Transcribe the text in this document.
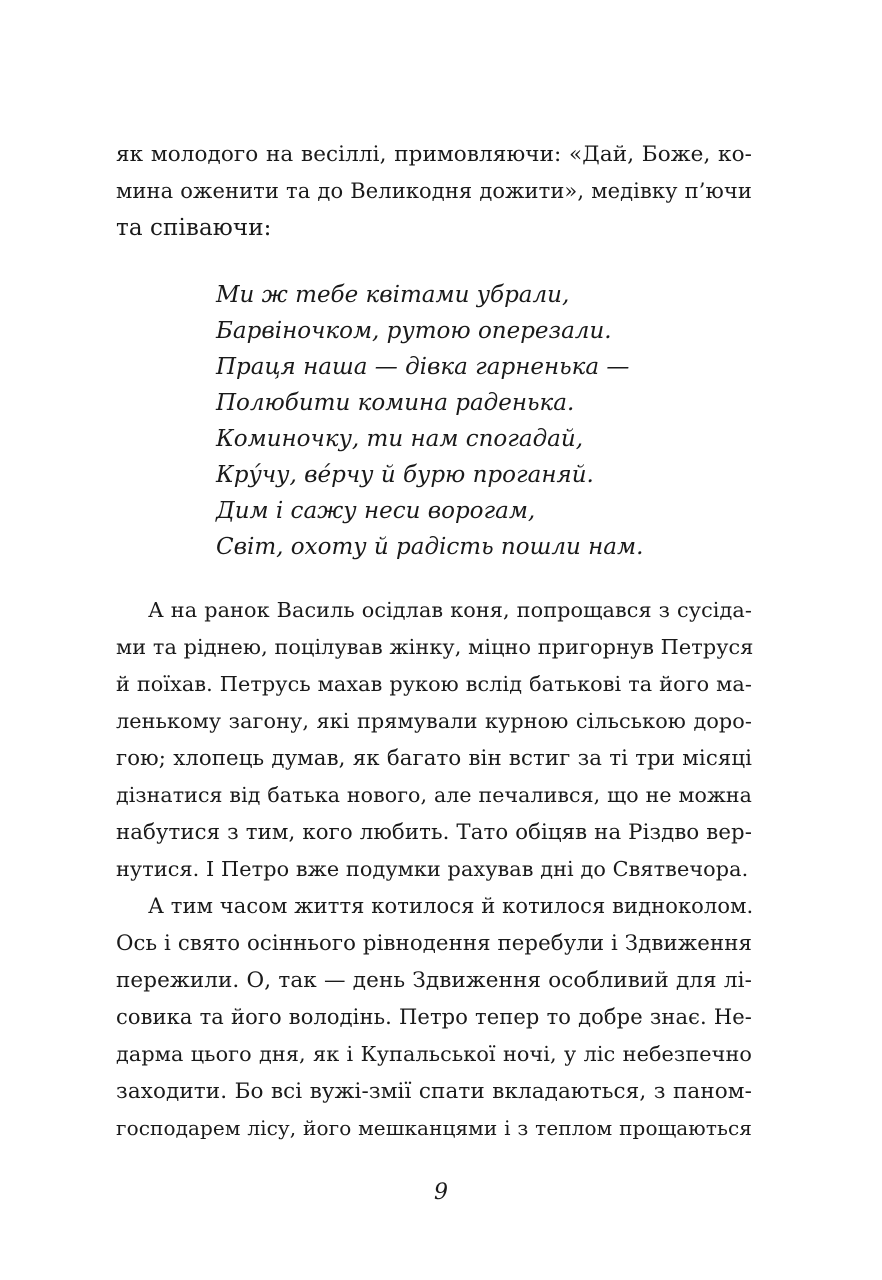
як молодого на весіллі, примовляючи: «Дай, Боже, ко-
мина оженити та до Великодня дожити», медівку п’ючи
та співаючи:
Ми ж тебе квітами убрали,
Барвіночком, рутою оперезали.
Праця наша — дівка гарненька —
Полюбити комина раденька.
Коминочку, ти нам спогадай,
Кру́чу, ве́рчу й бурю проганяй.
Дим і сажу неси ворогам,
Світ, охоту й радість пошли нам.
А на ранок Василь осідлав коня, попрощався з сусіда-
ми та ріднею, поцілував жінку, міцно пригорнув Петруся
й поїхав. Петрусь махав рукою вслід батькові та його ма-
ленькому загону, які прямували курною сільською доро-
гою; хлопець думав, як багато він встиг за ті три місяці
дізнатися від батька нового, але печалився, що не можна
набутися з тим, кого любить. Тато обіцяв на Різдво вер-
нутися. І Петро вже подумки рахував дні до Святвечора.
А тим часом життя котилося й котилося видноколом.
Ось і свято осіннього рівнодення перебули і Здвиження
пережили. О, так — день Здвиження особливий для лі-
совика та його володінь. Петро тепер то добре знає. Не-
дарма цього дня, як і Купальської ночі, у ліс небезпечно
заходити. Бо всі вужі-змії спати вкладаються, з паном-
господарем лісу, його мешканцями і з теплом прощаються
9
